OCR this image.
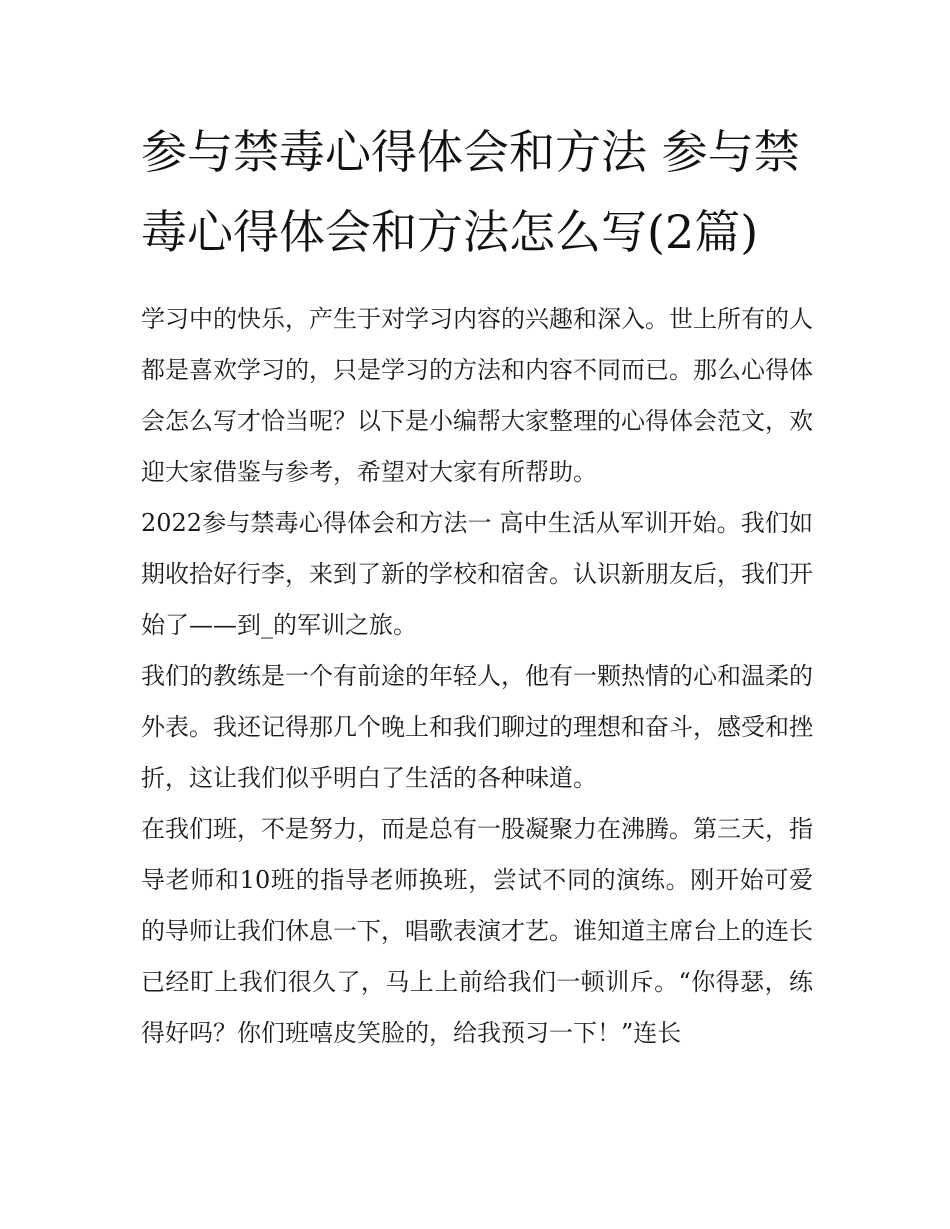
参与禁毒心得体会和方法 参与禁毒心得体会和方法怎么写(2篇)

学习中的快乐，产生于对学习内容的兴趣和深入。世上所有的人都是喜欢学习的，只是学习的方法和内容不同而已。那么心得体会怎么写才恰当呢？以下是小编帮大家整理的心得体会范文，欢迎大家借鉴与参考，希望对大家有所帮助。

2022参与禁毒心得体会和方法一 高中生活从军训开始。我们如期收拾好行李，来到了新的学校和宿舍。认识新朋友后，我们开始了——到_的军训之旅。

我们的教练是一个有前途的年轻人，他有一颗热情的心和温柔的外表。我还记得那几个晚上和我们聊过的理想和奋斗，感受和挫折，这让我们似乎明白了生活的各种味道。

在我们班，不是努力，而是总有一股凝聚力在沸腾。第三天，指导老师和10班的指导老师换班，尝试不同的演练。刚开始可爱的导师让我们休息一下，唱歌表演才艺。谁知道主席台上的连长已经盯上我们很久了，马上上前给我们一顿训斥。“你得瑟，练得好吗？你们班嘻皮笑脸的，给我预习一下！”连长
